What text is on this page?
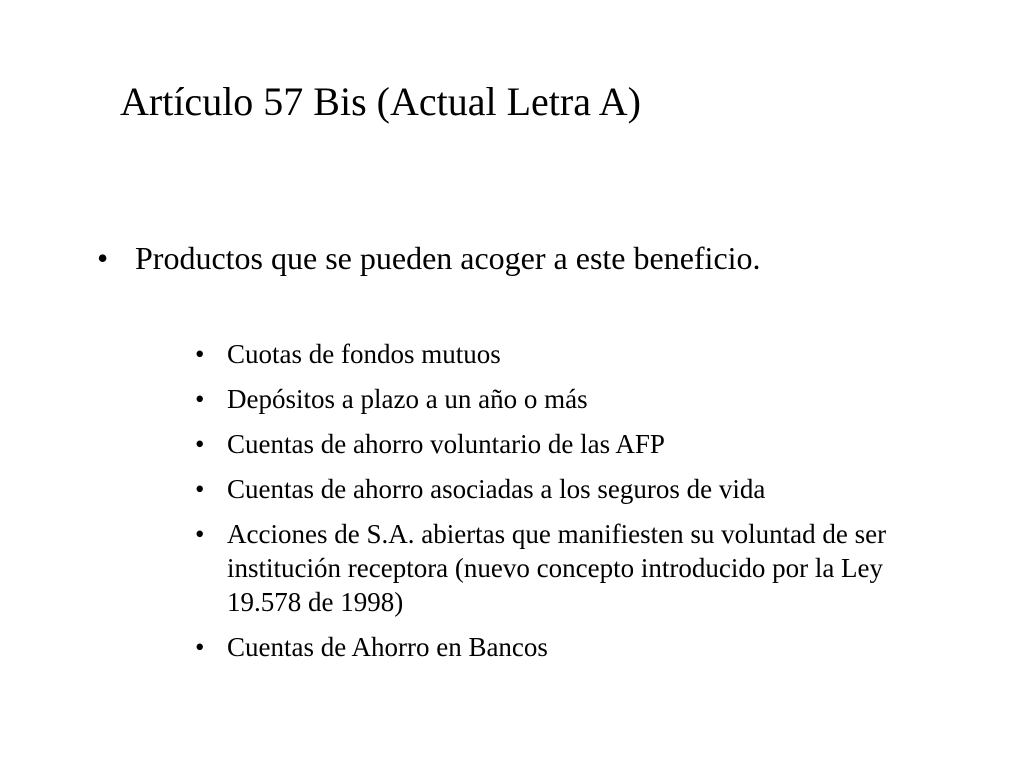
Artículo 57 Bis (Actual Letra A)
• Productos que se pueden acoger a este beneficio.
• Cuotas de fondos mutuos
• Depósitos a plazo a un año o más
• Cuentas de ahorro voluntario de las AFP
• Cuentas de ahorro asociadas a los seguros de vida
• Acciones de S.A. abiertas que manifiesten su voluntad de ser institución receptora (nuevo concepto introducido por la Ley 19.578 de 1998)
• Cuentas de Ahorro en Bancos
